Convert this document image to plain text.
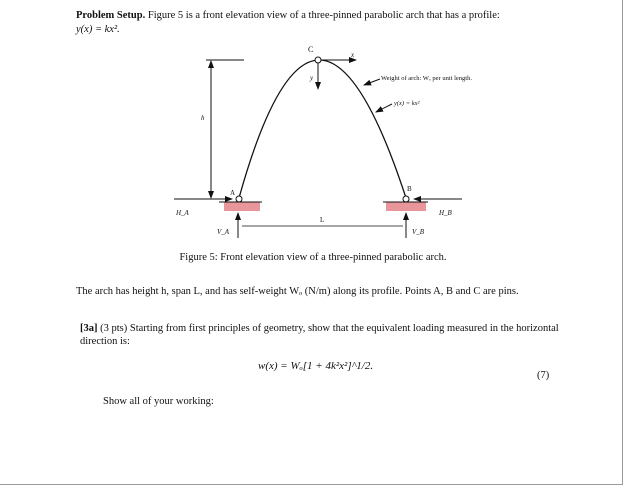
Problem Setup. Figure 5 is a front elevation view of a three-pinned parabolic arch that has a profile:
y(x) = kx².
C
x
y	Weight of arch: Wₒ per unit length.
y(x) = kx²
h
A	B
H_A	H_B
V_A	V_B
L
Figure 5: Front elevation view of a three-pinned parabolic arch.
The arch has height h, span L, and has self-weight Wₒ (N/m) along its profile. Points A, B and C are pins.
[3a] (3 pts) Starting from first principles of geometry, show that the equivalent loading measured in the horizontal direction is:
w(x) = Wₒ[1 + 4k²x²]^1/2.
(7)
Show all of your working:
